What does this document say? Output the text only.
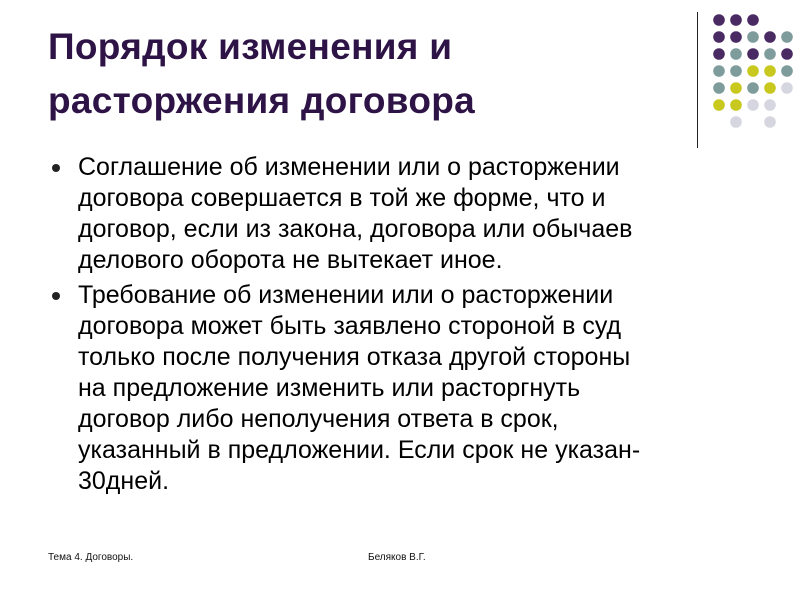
Порядок изменения и
расторжения договора
Соглашение об изменении или о расторжении
договора совершается в той же форме, что и
договор, если из закона, договора или обычаев
делового оборота не вытекает иное.
Требование об изменении или о расторжении
договора может быть заявлено стороной в суд
только после получения отказа другой стороны
на предложение изменить или расторгнуть
договор либо неполучения ответа в срок,
указанный в предложении. Если срок не указан-
30дней.
Тема 4. Договоры.	Беляков В.Г.
